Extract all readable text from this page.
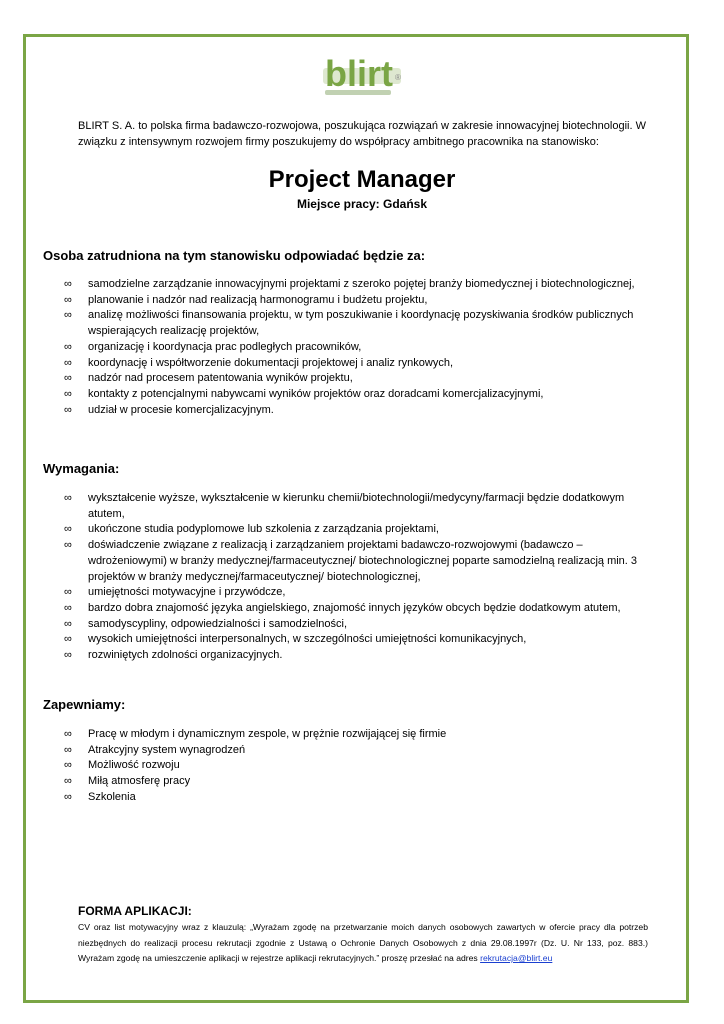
blirt ®
BLIRT S. A. to polska firma badawczo-rozwojowa, poszukująca rozwiązań w zakresie innowacyjnej biotechnologii. W związku z intensywnym rozwojem firmy poszukujemy do współpracy ambitnego pracownika na stanowisko:
Project Manager
Miejsce pracy: Gdańsk
Osoba zatrudniona na tym stanowisku odpowiadać będzie za:
∞ samodzielne zarządzanie innowacyjnymi projektami z szeroko pojętej branży biomedycznej i biotechnologicznej,
∞ planowanie i nadzór nad realizacją harmonogramu i budżetu projektu,
∞ analizę możliwości finansowania projektu, w tym poszukiwanie i koordynację pozyskiwania środków publicznych wspierających realizację projektów,
∞ organizację i koordynacja prac podległych pracowników,
∞ koordynację i współtworzenie dokumentacji projektowej i analiz rynkowych,
∞ nadzór nad procesem patentowania wyników projektu,
∞ kontakty z potencjalnymi nabywcami wyników projektów oraz doradcami komercjalizacyjnymi,
∞ udział w procesie komercjalizacyjnym.
Wymagania:
∞ wykształcenie wyższe, wykształcenie w kierunku chemii/biotechnologii/medycyny/farmacji będzie dodatkowym atutem,
∞ ukończone studia podyplomowe lub szkolenia z zarządzania projektami,
∞ doświadczenie związane z realizacją i zarządzaniem projektami badawczo-rozwojowymi (badawczo – wdrożeniowymi) w branży medycznej/farmaceutycznej/ biotechnologicznej poparte samodzielną realizacją min. 3 projektów w branży medycznej/farmaceutycznej/ biotechnologicznej,
∞ umiejętności motywacyjne i przywódcze,
∞ bardzo dobra znajomość języka angielskiego, znajomość innych języków obcych będzie dodatkowym atutem,
∞ samodyscypliny, odpowiedzialności i samodzielności,
∞ wysokich umiejętności interpersonalnych, w szczególności umiejętności komunikacyjnych,
∞ rozwiniętych zdolności organizacyjnych.
Zapewniamy:
∞ Pracę w młodym i dynamicznym zespole, w prężnie rozwijającej się firmie
∞ Atrakcyjny system wynagrodzeń
∞ Możliwość rozwoju
∞ Miłą atmosferę pracy
∞ Szkolenia
FORMA APLIKACJI:
CV oraz list motywacyjny wraz z klauzulą: „Wyrażam zgodę na przetwarzanie moich danych osobowych zawartych w ofercie pracy dla potrzeb niezbędnych do realizacji procesu rekrutacji zgodnie z Ustawą o Ochronie Danych Osobowych z dnia 29.08.1997r (Dz. U. Nr 133, poz. 883.) Wyrażam zgodę na umieszczenie aplikacji w rejestrze aplikacji rekrutacyjnych.” proszę przesłać na adres rekrutacja@blirt.eu
